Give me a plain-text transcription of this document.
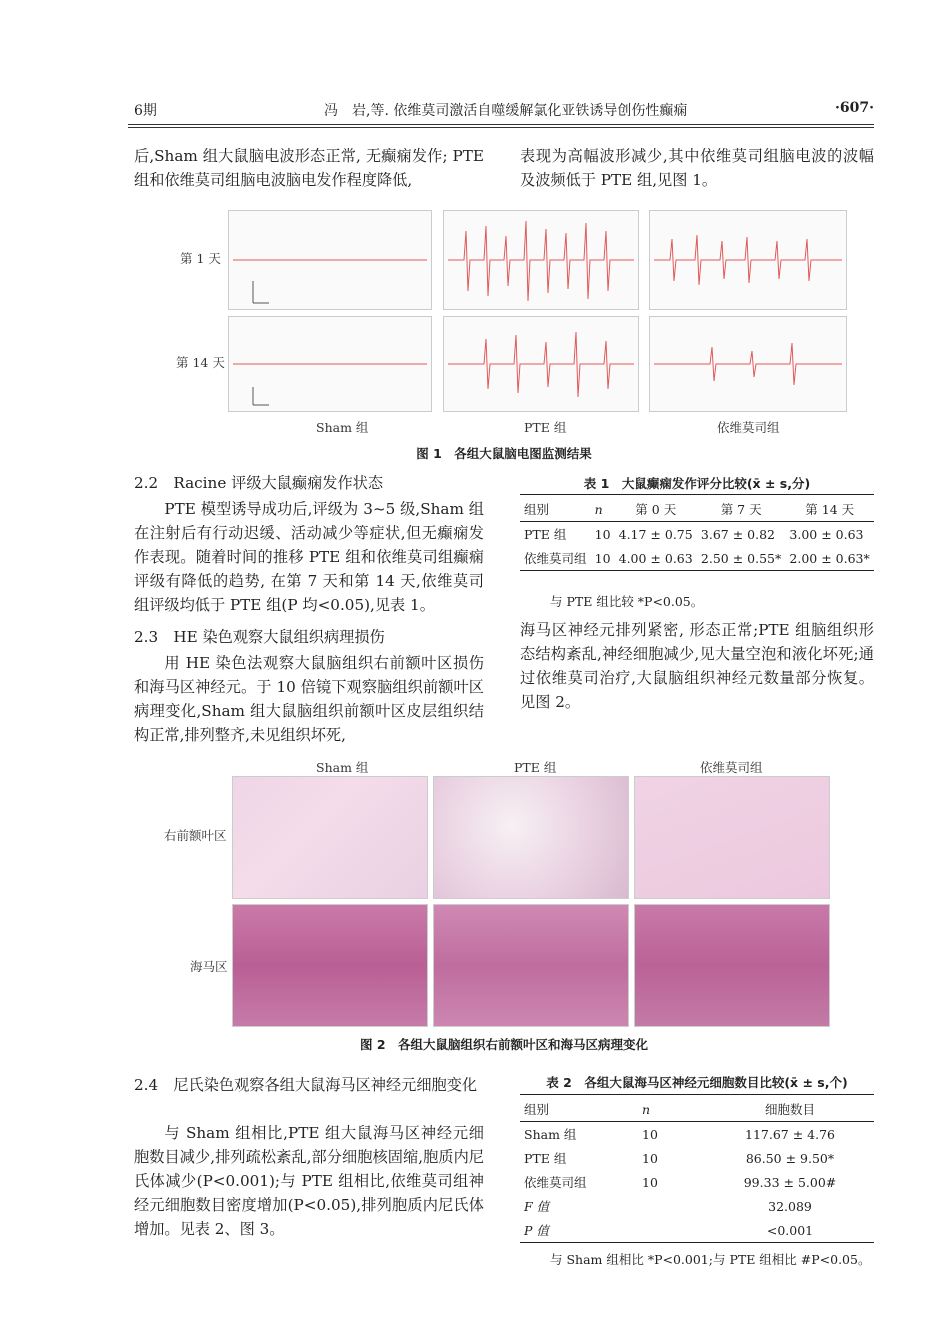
6期	冯　岩,等. 依维莫司激活自噬缓解氯化亚铁诱导创伤性癫痫	·607·

后,Sham 组大鼠脑电波形态正常, 无癫痫发作; PTE 组和依维莫司组脑电波脑电发作程度降低,

表现为高幅波形减少,其中依维莫司组脑电波的波幅及波频低于 PTE 组,见图 1。

第 1 天
第 14 天
Sham 组	PTE 组	依维莫司组
图 1　各组大鼠脑电图监测结果

2.2　Racine 评级大鼠癫痫发作状态

PTE 模型诱导成功后,评级为 3~5 级,Sham 组在注射后有行动迟缓、活动减少等症状,但无癫痫发作表现。随着时间的推移 PTE 组和依维莫司组癫痫评级有降低的趋势, 在第 7 天和第 14 天,依维莫司组评级均低于 PTE 组(P 均<0.05),见表 1。

2.3　HE 染色观察大鼠组织病理损伤

用 HE 染色法观察大鼠脑组织右前额叶区损伤和海马区神经元。于 10 倍镜下观察脑组织前额叶区病理变化,Sham 组大鼠脑组织前额叶区皮层组织结构正常,排列整齐,未见组织坏死,

表 1　大鼠癫痫发作评分比较(x̄ ± s,分)
组别	n	第 0 天	第 7 天	第 14 天
PTE 组	10	4.17 ± 0.75	3.67 ± 0.82	3.00 ± 0.63
依维莫司组	10	4.00 ± 0.63	2.50 ± 0.55*	2.00 ± 0.63*
与 PTE 组比较 *P<0.05。

海马区神经元排列紧密, 形态正常;PTE 组脑组织形态结构紊乱,神经细胞减少,见大量空泡和液化坏死;通过依维莫司治疗,大鼠脑组织神经元数量部分恢复。见图 2。

Sham 组	PTE 组	依维莫司组
右前额叶区
海马区
图 2　各组大鼠脑组织右前额叶区和海马区病理变化

2.4　尼氏染色观察各组大鼠海马区神经元细胞变化

与 Sham 组相比,PTE 组大鼠海马区神经元细胞数目减少,排列疏松紊乱,部分细胞核固缩,胞质内尼氏体减少(P<0.001);与 PTE 组相比,依维莫司组神经元细胞数目密度增加(P<0.05),排列胞质内尼氏体增加。见表 2、图 3。

表 2　各组大鼠海马区神经元细胞数目比较(x̄ ± s,个)
组别	n	细胞数目
Sham 组	10	117.67 ± 4.76
PTE 组	10	86.50 ± 9.50*
依维莫司组	10	99.33 ± 5.00#
F 值		32.089
P 值		<0.001
与 Sham 组相比 *P<0.001;与 PTE 组相比 #P<0.05。
